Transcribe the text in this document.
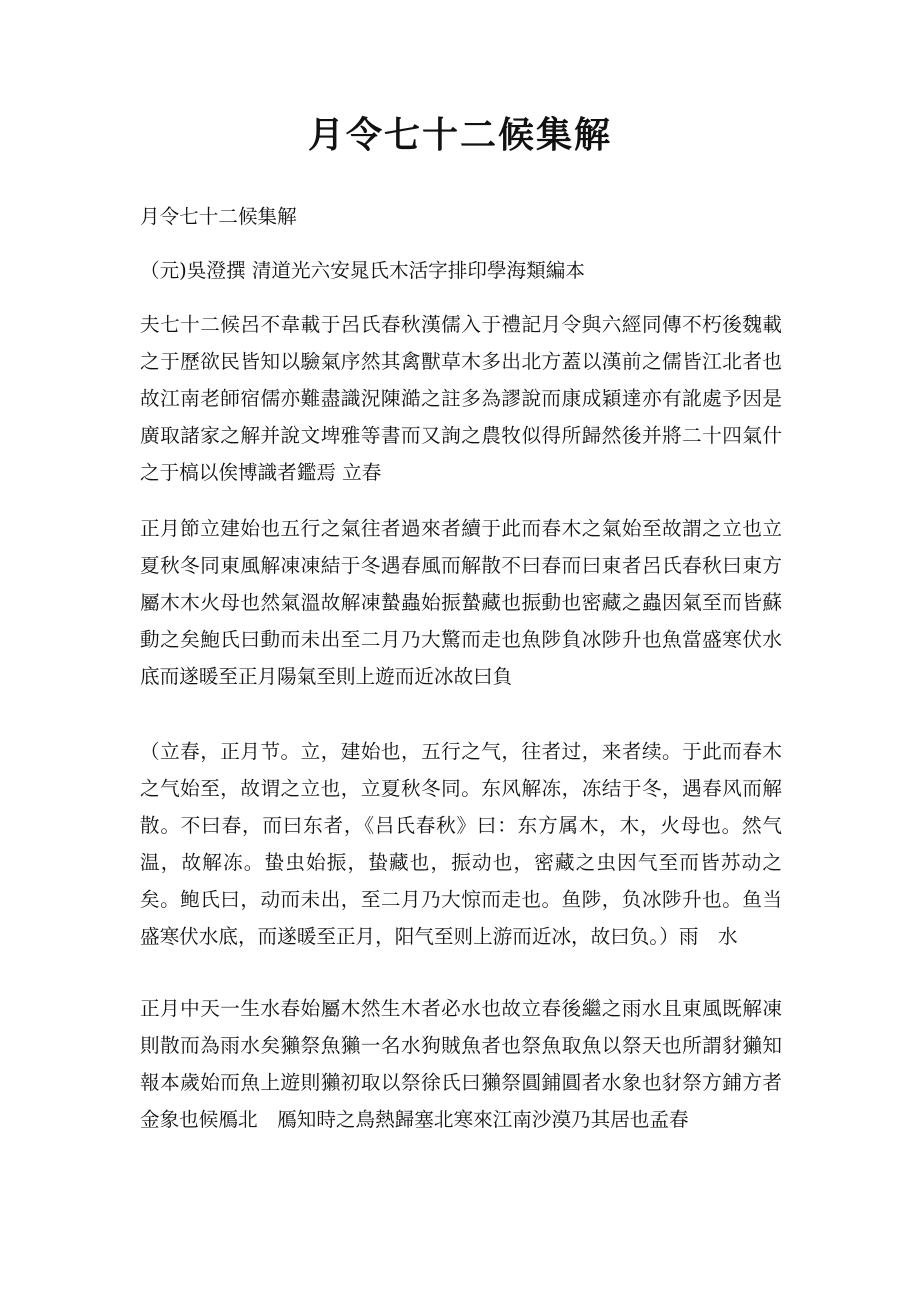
月令七十二候集解

月令七十二候集解

（元)吳澄撰 清道光六安晁氏木活字排印學海類編本

夫七十二候呂不韋載于呂氏春秋漢儒入于禮記月令與六經同傳不朽後魏載之于歷欲民皆知以驗氣序然其禽獸草木多出北方蓋以漢前之儒皆江北者也故江南老師宿儒亦難盡識況陳澔之註多為謬說而康成穎達亦有訛處予因是廣取諸家之解并說文埤雅等書而又詢之農牧似得所歸然後并將二十四氣什之于槁以俟博識者鑑焉 立春

正月節立建始也五行之氣往者過來者續于此而春木之氣始至故謂之立也立夏秋冬同東風解凍凍結于冬遇春風而解散不曰春而曰東者呂氏春秋曰東方屬木木火母也然氣溫故解凍蟄蟲始振蟄藏也振動也密藏之蟲因氣至而皆蘇動之矣鮑氏曰動而未出至二月乃大驚而走也魚陟負冰陟升也魚當盛寒伏水底而遂暖至正月陽氣至則上遊而近冰故曰負

（立春，正月节。立，建始也，五行之气，往者过，来者续。于此而春木之气始至，故谓之立也，立夏秋冬同。东风解冻，冻结于冬，遇春风而解散。不曰春，而曰东者，《吕氏春秋》曰：东方属木，木，火母也。然气温，故解冻。蛰虫始振，蛰藏也，振动也，密藏之虫因气至而皆苏动之矣。鲍氏曰，动而未出，至二月乃大惊而走也。鱼陟，负冰陟升也。鱼当盛寒伏水底，而遂暖至正月，阳气至则上游而近冰，故曰负。）雨　水

正月中天一生水春始屬木然生木者必水也故立春後繼之雨水且東風既解凍則散而為雨水矣獺祭魚獺一名水狗賊魚者也祭魚取魚以祭天也所謂豺獺知報本歲始而魚上遊則獺初取以祭徐氏曰獺祭圓鋪圓者水象也豺祭方鋪方者金象也候鴈北　鴈知時之鳥熱歸塞北寒來江南沙漠乃其居也孟春
